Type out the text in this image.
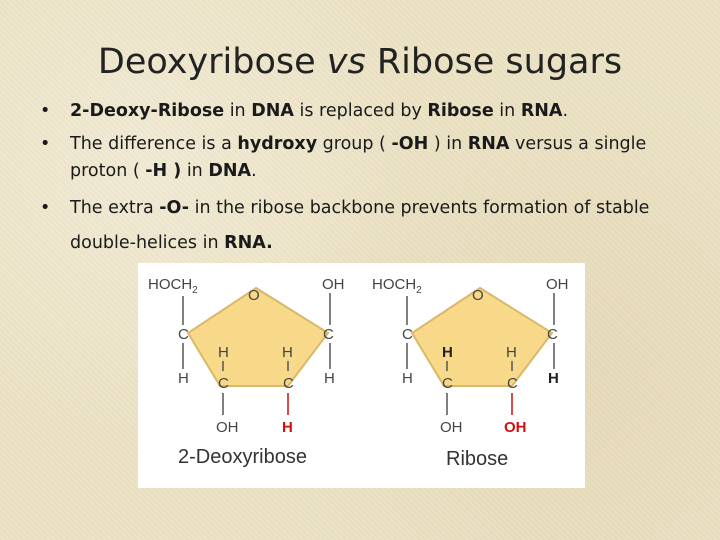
Deoxyribose vs Ribose sugars
• 2-Deoxy-Ribose in DNA is replaced by Ribose in RNA.
• The difference is a hydroxy group ( -OH ) in RNA versus a single proton ( -H ) in DNA.
• The extra -O- in the ribose backbone prevents formation of stable double-helices in RNA.
$HOCH_2$	O
OH
C	C
H	H
H	H
C	C
OH	H
2-Deoxyribose
$HOCH_2$	O
OH
C	C
H	H
H	H
C	C
OH	OH
Ribose
